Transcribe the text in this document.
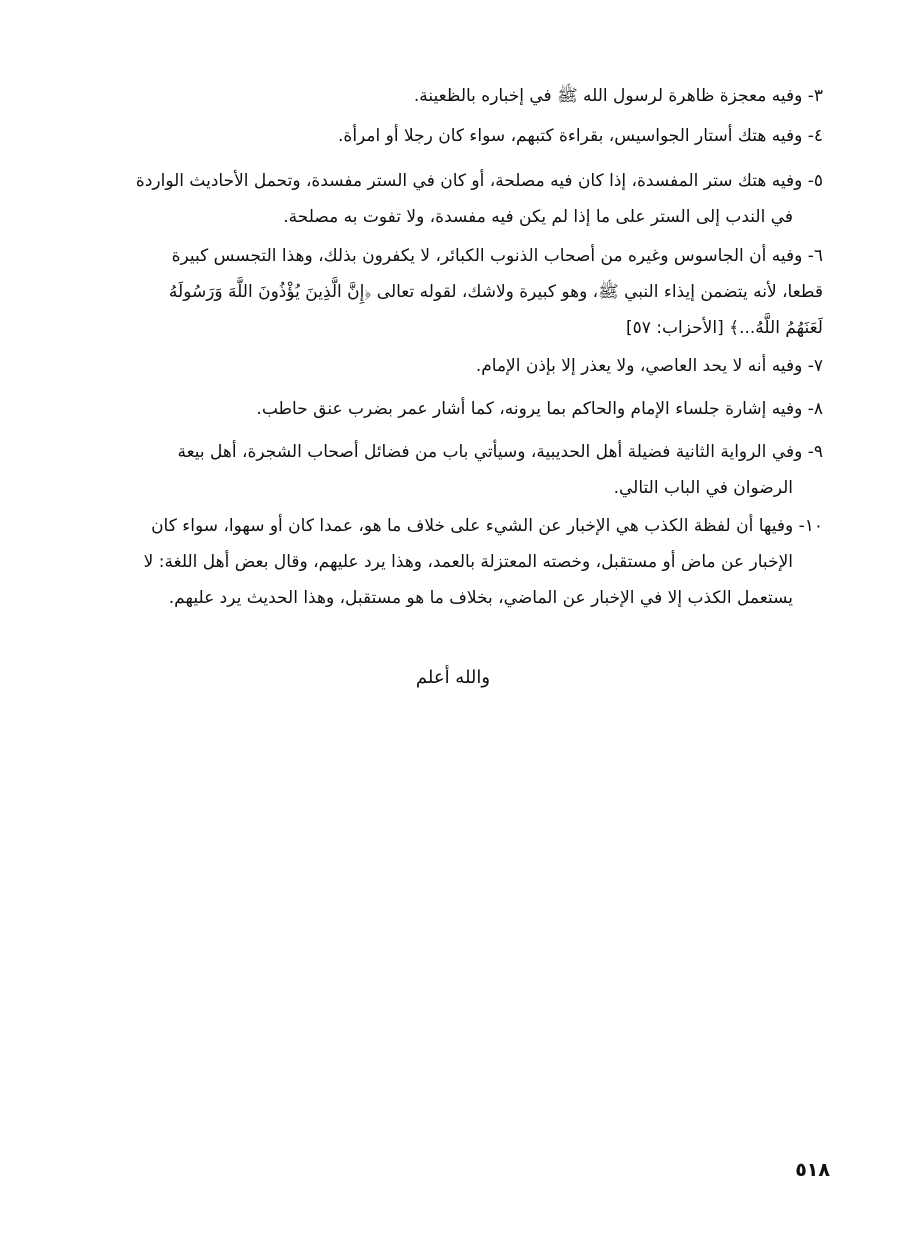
٣- وفيه معجزة ظاهرة لرسول الله ﷺ في إخباره بالظعينة.
٤- وفيه هتك أستار الجواسيس، بقراءة كتبهم، سواء كان رجلا أو امرأة.
٥- وفيه هتك ستر المفسدة، إذا كان فيه مصلحة، أو كان في الستر مفسدة، وتحمل الأحاديث الواردة
في الندب إلى الستر على ما إذا لم يكن فيه مفسدة، ولا تفوت به مصلحة.
٦- وفيه أن الجاسوس وغيره من أصحاب الذنوب الكبائر، لا يكفرون بذلك، وهذا التجسس كبيرة
قطعا، لأنه يتضمن إيذاء النبي ﷺ، وهو كبيرة ولاشك، لقوله تعالى ﴿إِنَّ الَّذِينَ يُؤْذُونَ اللَّهَ وَرَسُولَهُ
لَعَنَهُمُ اللَّهُ...﴾ [الأحزاب: ٥٧]
٧- وفيه أنه لا يحد العاصي، ولا يعذر إلا بإذن الإمام.
٨- وفيه إشارة جلساء الإمام والحاكم بما يرونه، كما أشار عمر بضرب عنق حاطب.
٩- وفي الرواية الثانية فضيلة أهل الحديبية، وسيأتي باب من فضائل أصحاب الشجرة، أهل بيعة
الرضوان في الباب التالي.
١٠- وفيها أن لفظة الكذب هي الإخبار عن الشيء على خلاف ما هو، عمدا كان أو سهوا، سواء كان
الإخبار عن ماض أو مستقبل، وخصته المعتزلة بالعمد، وهذا يرد عليهم، وقال بعض أهل اللغة: لا
يستعمل الكذب إلا في الإخبار عن الماضي، بخلاف ما هو مستقبل، وهذا الحديث يرد عليهم.
والله أعلم
٥١٨
